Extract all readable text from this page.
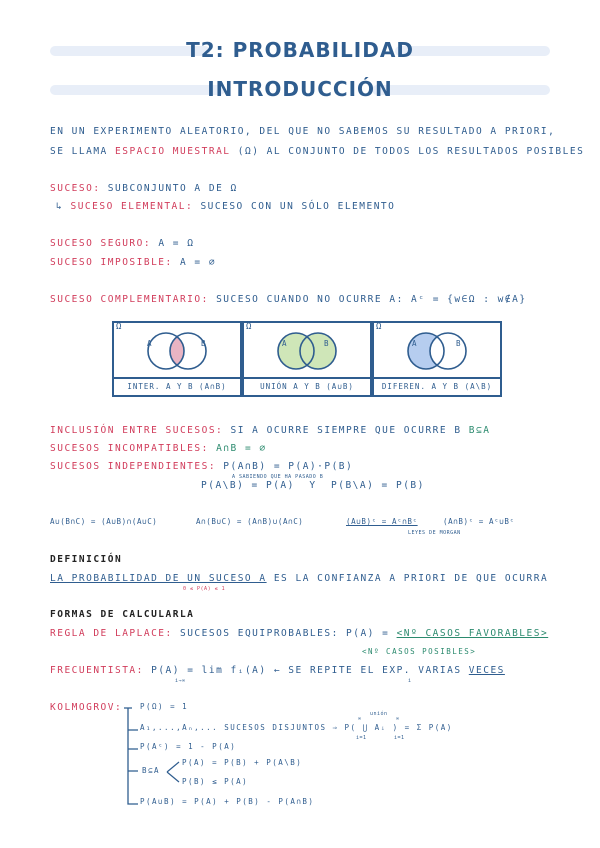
T2: PROBABILIDAD
INTRODUCCIÓN
EN UN EXPERIMENTO ALEATORIO, DEL QUE NO SABEMOS SU RESULTADO A PRIORI,
SE LLAMA ESPACIO MUESTRAL (Ω) AL CONJUNTO DE TODOS LOS RESULTADOS POSIBLES
SUCESO: SUBCONJUNTO A DE Ω
↳ SUCESO ELEMENTAL: SUCESO CON UN SÓLO ELEMENTO
SUCESO SEGURO: A = Ω
SUCESO IMPOSIBLE: A = ∅
SUCESO COMPLEMENTARIO: SUCESO CUANDO NO OCURRE A: Aᶜ = {w∈Ω : w∉A}
Ω
A	B
INTER. A Y B (A∩B)
Ω
A	B
UNIÓN A Y B (A∪B)
Ω
A	B
DIFEREN. A Y B (A\B)
INCLUSIÓN ENTRE SUCESOS: SI A OCURRE SIEMPRE QUE OCURRE B B⊆A
SUCESOS INCOMPATIBLES: A∩B = ∅
SUCESOS INDEPENDIENTES: P(A∩B) = P(A)·P(B)
A SABIENDO QUE HA PASADO B
P(A\B) = P(A) Y P(B\A) = P(B)
A∪(B∩C) = (A∪B)∩(A∪C)	A∩(B∪C) = (A∩B)∪(A∩C)	(A∪B)ᶜ = Aᶜ∩Bᶜ	(A∩B)ᶜ = Aᶜ∪Bᶜ
LEYES DE MORGAN
DEFINICIÓN
LA PROBABILIDAD DE UN SUCESO A ES LA CONFIANZA A PRIORI DE QUE OCURRA
0 ≤ P(A) ≤ 1
FORMAS DE CALCULARLA
REGLA DE LAPLACE: SUCESOS EQUIPROBABLES: P(A) = <Nº CASOS FAVORABLES>
<Nº CASOS POSIBLES>
FRECUENTISTA: P(A) = lim fᵢ(A) ← SE REPITE EL EXP. VARIAS VECES
i→∞	i
KOLMOGROV: P(Ω) = 1
unión
∞	∞
A₁,...,Aₙ,... SUCESOS DISJUNTOS ⇒ P( ⋃ Aᵢ ) = Σ P(A)
i=1	i=1
P(Aᶜ) = 1 - P(A)
B⊆A
P(A) = P(B) + P(A\B)
P(B) ≤ P(A)
P(A∪B) = P(A) + P(B) - P(A∩B)
